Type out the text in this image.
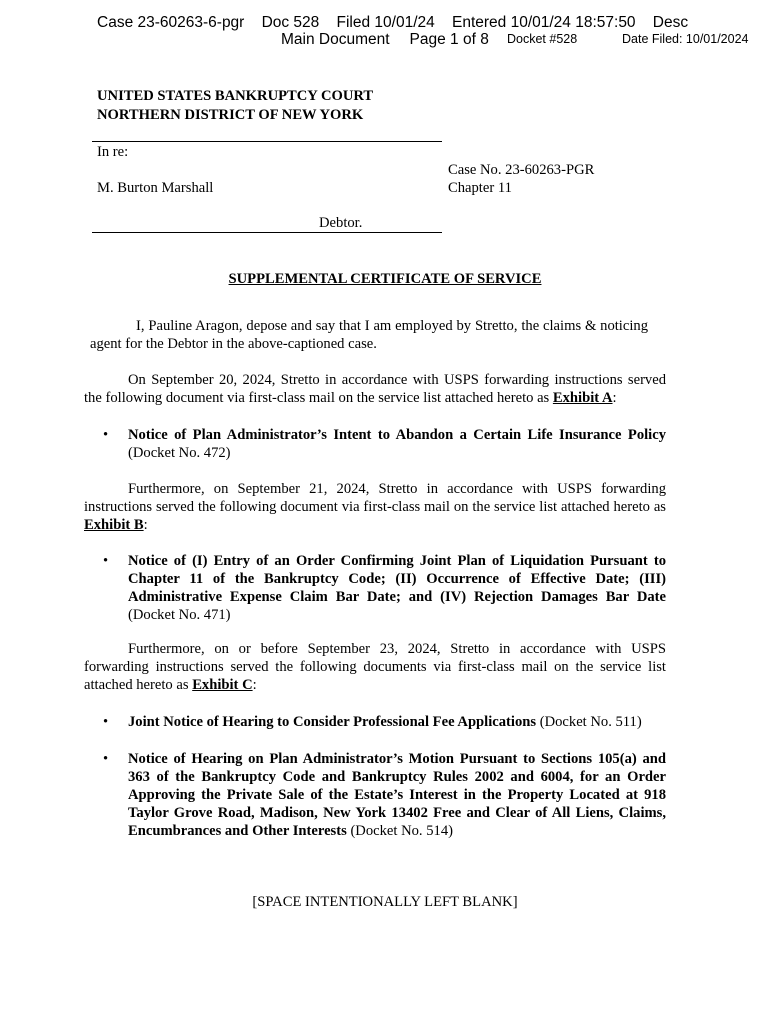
Case 23-60263-6-pgr    Doc 528    Filed 10/01/24    Entered 10/01/24 18:57:50    Desc
Main Document Page 1 of 8 Docket #528	Date Filed: 10/01/2024
UNITED STATES BANKRUPTCY COURT
NORTHERN DISTRICT OF NEW YORK
In re:
M. Burton Marshall
Debtor.
Case No. 23-60263-PGR
Chapter 11
SUPPLEMENTAL CERTIFICATE OF SERVICE
I, Pauline Aragon, depose and say that I am employed by Stretto, the claims & noticing agent for the Debtor in the above-captioned case.
On September 20, 2024, Stretto in accordance with USPS forwarding instructions served the following document via first-class mail on the service list attached hereto as Exhibit A:
• Notice of Plan Administrator’s Intent to Abandon a Certain Life Insurance Policy (Docket No. 472)
Furthermore, on September 21, 2024, Stretto in accordance with USPS forwarding instructions served the following document via first-class mail on the service list attached hereto as Exhibit B:
• Notice of (I) Entry of an Order Confirming Joint Plan of Liquidation Pursuant to Chapter 11 of the Bankruptcy Code; (II) Occurrence of Effective Date; (III) Administrative Expense Claim Bar Date; and (IV) Rejection Damages Bar Date (Docket No. 471)
Furthermore, on or before September 23, 2024, Stretto in accordance with USPS forwarding instructions served the following documents via first-class mail on the service list attached hereto as Exhibit C:
• Joint Notice of Hearing to Consider Professional Fee Applications (Docket No. 511)
• Notice of Hearing on Plan Administrator’s Motion Pursuant to Sections 105(a) and 363 of the Bankruptcy Code and Bankruptcy Rules 2002 and 6004, for an Order Approving the Private Sale of the Estate’s Interest in the Property Located at 918 Taylor Grove Road, Madison, New York 13402 Free and Clear of All Liens, Claims, Encumbrances and Other Interests (Docket No. 514)
[SPACE INTENTIONALLY LEFT BLANK]
